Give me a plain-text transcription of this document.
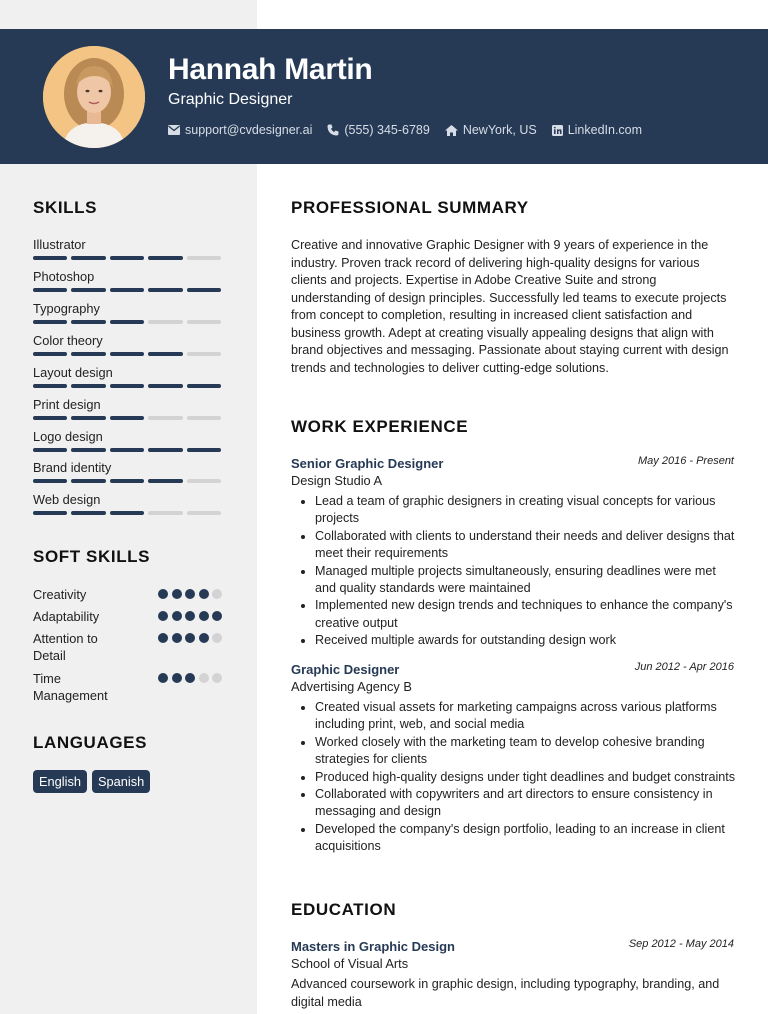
Hannah Martin
Graphic Designer
support@cvdesigner.ai	(555) 345-6789	NewYork, US LinkedIn.com
SKILLS
Illustrator
Photoshop
Typography
Color theory
Layout design
Print design
Logo design
Brand identity
Web design
SOFT SKILLS
Creativity
Adaptability
Attention to Detail
Time Management
LANGUAGES
English	Spanish
PROFESSIONAL SUMMARY
Creative and innovative Graphic Designer with 9 years of experience in the industry. Proven track record of delivering high-quality designs for various clients and projects. Expertise in Adobe Creative Suite and strong understanding of design principles. Successfully led teams to execute projects from concept to completion, resulting in increased client satisfaction and business growth. Adept at creating visually appealing designs that align with brand objectives and messaging. Passionate about staying current with design trends and technologies to deliver cutting-edge solutions.
WORK EXPERIENCE
Senior Graphic Designer	May 2016 - Present
Design Studio A
Lead a team of graphic designers in creating visual concepts for various projects
Collaborated with clients to understand their needs and deliver designs that meet their requirements
Managed multiple projects simultaneously, ensuring deadlines were met and quality standards were maintained
Implemented new design trends and techniques to enhance the company's creative output
Received multiple awards for outstanding design work
Graphic Designer	Jun 2012 - Apr 2016
Advertising Agency B
Created visual assets for marketing campaigns across various platforms including print, web, and social media
Worked closely with the marketing team to develop cohesive branding strategies for clients
Produced high-quality designs under tight deadlines and budget constraints
Collaborated with copywriters and art directors to ensure consistency in messaging and design
Developed the company's design portfolio, leading to an increase in client acquisitions
EDUCATION
Masters in Graphic Design	Sep 2012 - May 2014
School of Visual Arts
Advanced coursework in graphic design, including typography, branding, and digital media
